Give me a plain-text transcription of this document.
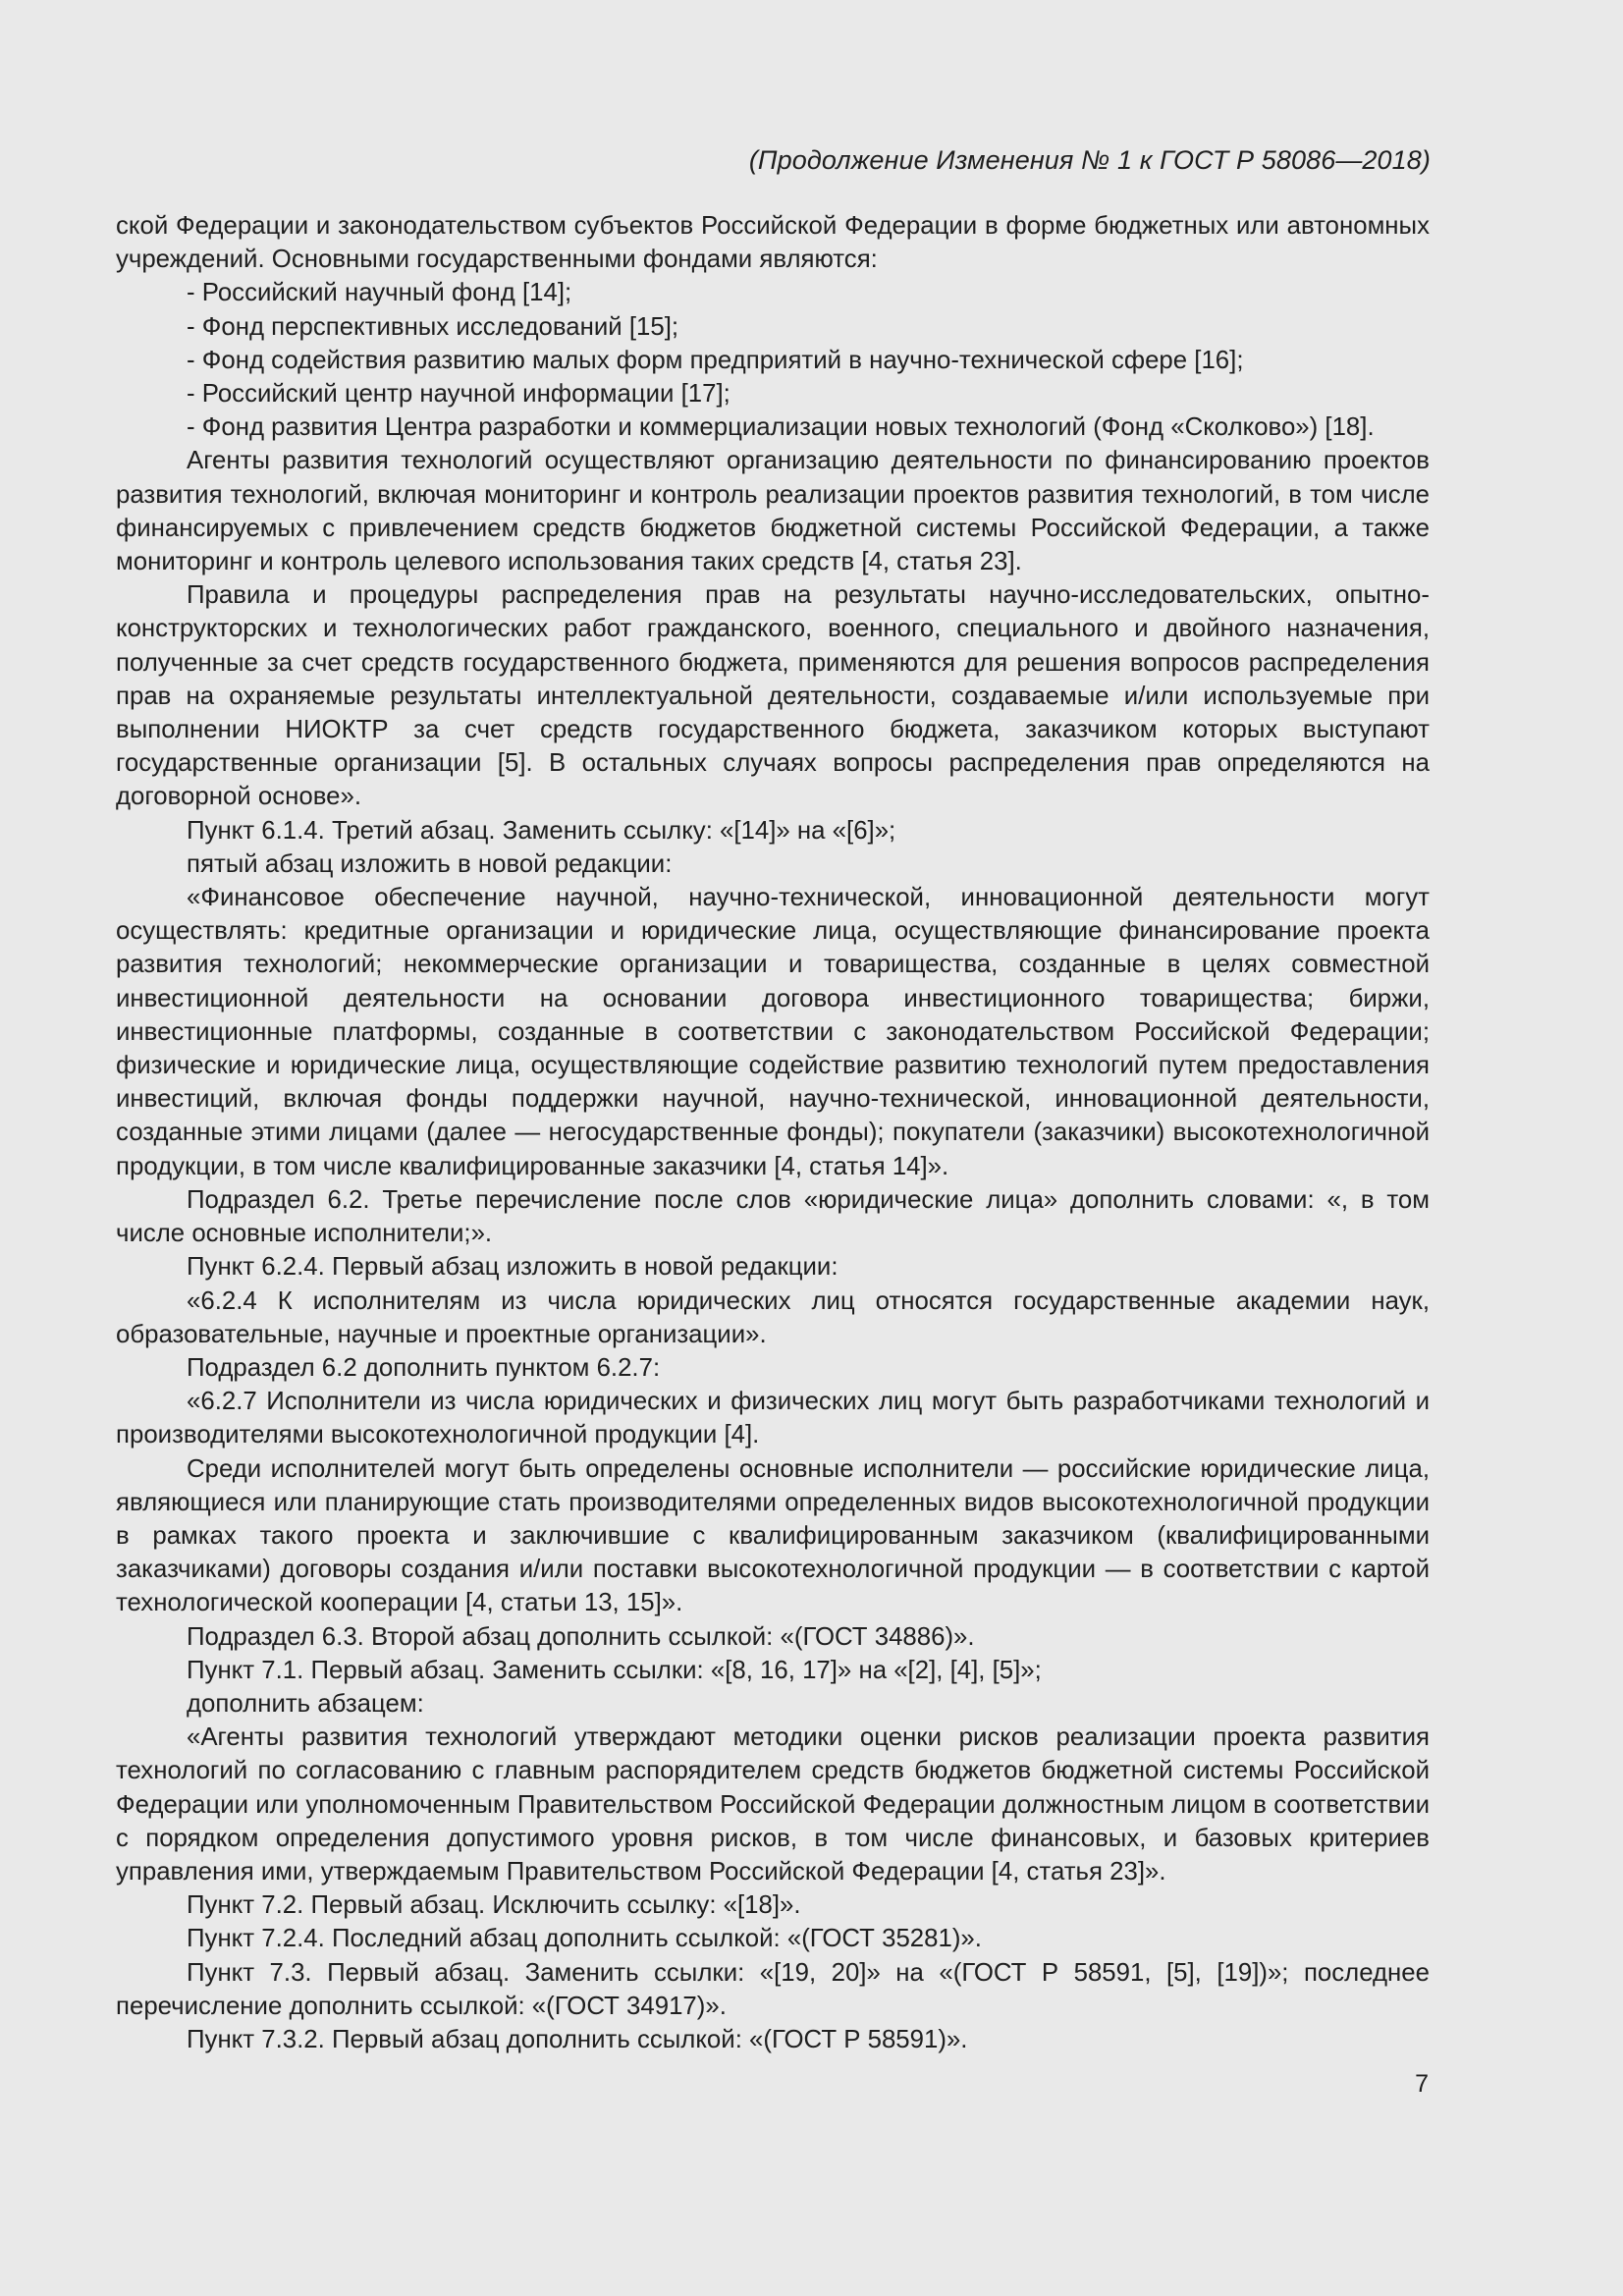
(Продолжение Изменения № 1 к ГОСТ Р 58086—2018)

ской Федерации и законодательством субъектов Российской Федерации в форме бюджетных или автономных учреждений. Основными государственными фондами являются:

- Российский научный фонд [14];

- Фонд перспективных исследований [15];

- Фонд содействия развитию малых форм предприятий в научно-технической сфере [16];

- Российский центр научной информации [17];

- Фонд развития Центра разработки и коммерциализации новых технологий (Фонд «Сколково») [18].

Агенты развития технологий осуществляют организацию деятельности по финансированию проектов развития технологий, включая мониторинг и контроль реализации проектов развития технологий, в том числе финансируемых с привлечением средств бюджетов бюджетной системы Российской Федерации, а также мониторинг и контроль целевого использования таких средств [4, статья 23].

Правила и процедуры распределения прав на результаты научно-исследовательских, опытно-конструкторских и технологических работ гражданского, военного, специального и двойного назначения, полученные за счет средств государственного бюджета, применяются для решения вопросов распределения прав на охраняемые результаты интеллектуальной деятельности, создаваемые и/или используемые при выполнении НИОКТР за счет средств государственного бюджета, заказчиком которых выступают государственные организации [5]. В остальных случаях вопросы распределения прав определяются на договорной основе».

Пункт 6.1.4. Третий абзац. Заменить ссылку: «[14]» на «[6]»;

пятый абзац изложить в новой редакции:

«Финансовое обеспечение научной, научно-технической, инновационной деятельности могут осуществлять: кредитные организации и юридические лица, осуществляющие финансирование проекта развития технологий; некоммерческие организации и товарищества, созданные в целях совместной инвестиционной деятельности на основании договора инвестиционного товарищества; биржи, инвестиционные платформы, созданные в соответствии с законодательством Российской Федерации; физические и юридические лица, осуществляющие содействие развитию технологий путем предоставления инвестиций, включая фонды поддержки научной, научно-технической, инновационной деятельности, созданные этими лицами (далее — негосударственные фонды); покупатели (заказчики) высокотехнологичной продукции, в том числе квалифицированные заказчики [4, статья 14]».

Подраздел 6.2. Третье перечисление после слов «юридические лица» дополнить словами: «, в том числе основные исполнители;».

Пункт 6.2.4. Первый абзац изложить в новой редакции:

«6.2.4 К исполнителям из числа юридических лиц относятся государственные академии наук, образовательные, научные и проектные организации».

Подраздел 6.2 дополнить пунктом 6.2.7:

«6.2.7 Исполнители из числа юридических и физических лиц могут быть разработчиками технологий и производителями высокотехнологичной продукции [4].

Среди исполнителей могут быть определены основные исполнители — российские юридические лица, являющиеся или планирующие стать производителями определенных видов высокотехнологичной продукции в рамках такого проекта и заключившие с квалифицированным заказчиком (квалифицированными заказчиками) договоры создания и/или поставки высокотехнологичной продукции — в соответствии с картой технологической кооперации [4, статьи 13, 15]».

Подраздел 6.3. Второй абзац дополнить ссылкой: «(ГОСТ 34886)».

Пункт 7.1. Первый абзац. Заменить ссылки: «[8, 16, 17]» на «[2], [4], [5]»;

дополнить абзацем:

«Агенты развития технологий утверждают методики оценки рисков реализации проекта развития технологий по согласованию с главным распорядителем средств бюджетов бюджетной системы Российской Федерации или уполномоченным Правительством Российской Федерации должностным лицом в соответствии с порядком определения допустимого уровня рисков, в том числе финансовых, и базовых критериев управления ими, утверждаемым Правительством Российской Федерации [4, статья 23]».

Пункт 7.2. Первый абзац. Исключить ссылку: «[18]».

Пункт 7.2.4. Последний абзац дополнить ссылкой: «(ГОСТ 35281)».

Пункт 7.3. Первый абзац. Заменить ссылки: «[19, 20]» на «(ГОСТ Р 58591, [5], [19])»; последнее перечисление дополнить ссылкой: «(ГОСТ 34917)».

Пункт 7.3.2. Первый абзац дополнить ссылкой: «(ГОСТ Р 58591)».

7
